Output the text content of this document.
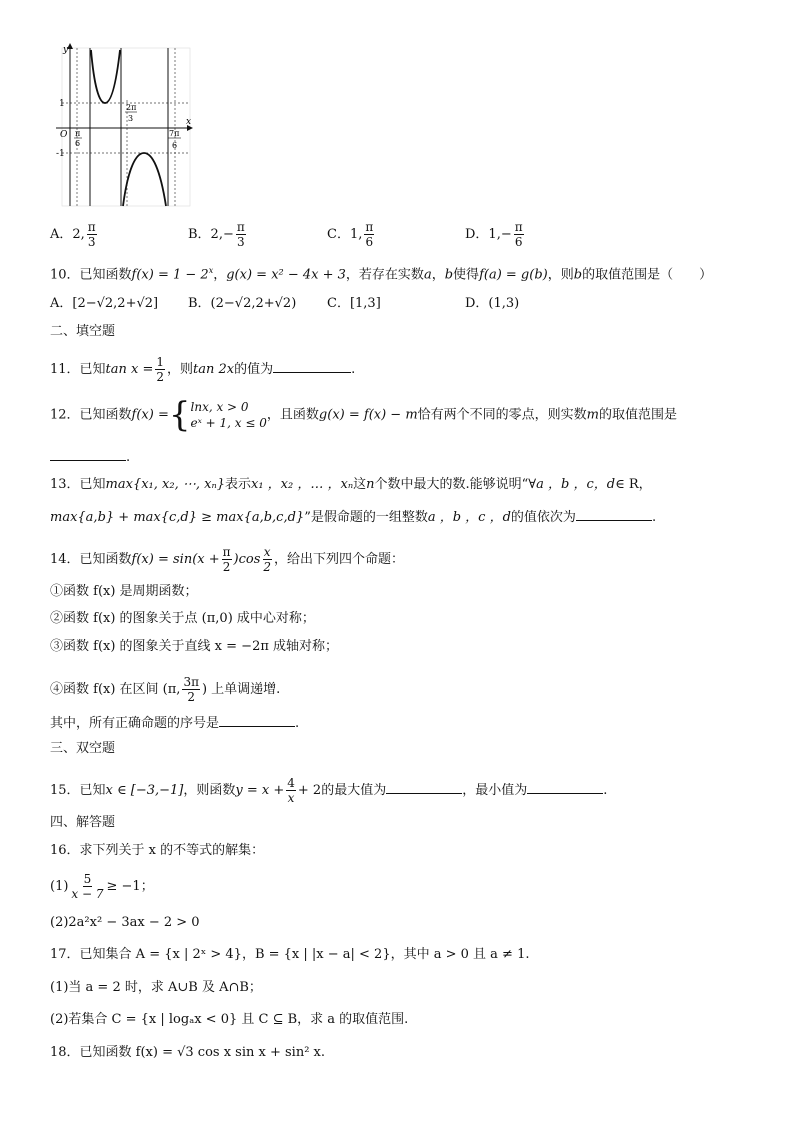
y
x
O
1
-1
π
6
2π
3
7π
6
A．2, $\frac{\pi}{3}$	B．$2,- \frac{\pi}{3}$	C．1, $\frac{\pi}{6}$	D．$1,- \frac{\pi}{6}$
10．已知函数$f(x) = 1 - 2^x$，g(x) = x² − 4x + 3，若存在实数a，b使得f(a) = g(b)，则b的取值范围是（　　）
A．[2−√2,2+√2] B．(2−√2,2+√2) C．[1,3]	D．(1,3)
二、填空题
11．已知$\tan x = \frac{1}{2}$ ，则tan 2x的值为	.
12．已知函数f(x) = { lnx, x > 0
eˣ + 1, x ≤ 0
，且函数g(x) = f(x) − m恰有两个不同的零点，则实数m的取值范围是
.
13．已知max{x₁, x₂, ⋯, xₙ}表示x₁ ，x₂ ，… ，xₙ这n个数中最大的数.能够说明“∀a ，b ，c，d∈ R，
max{a,b} + max{c,d} ≥ max{a,b,c,d}”是假命题的一组整数a ，b ，c ，d的值依次为	.
14．已知函数$f(x) = \sin(x + \frac{\pi}{2} )\cos \frac{x}{2}$ ，给出下列四个命题：
①函数 f(x) 是周期函数；
②函数 f(x) 的图象关于点 (π,0) 成中心对称；
③函数 f(x) 的图象关于直线 x = −2π 成轴对称；
④函数 f(x) 在区间 (π, $\frac{3\pi}{2}$ ) 上单调递增.
其中，所有正确命题的序号是	.
三、双空题
15．已知x ∈ [−3,−1]，则函数$y = x + \frac{4}{x} + 2$的最大值为	，最小值为	.
四、解答题
16．求下列关于 x 的不等式的解集：
$(1) \frac{5}{x - 7} \ge -1$；
(2)2a²x² − 3ax − 2 > 0
17．已知集合 A = {x | 2ˣ > 4}，B = {x | |x − a| < 2}，其中 a > 0 且 a ≠ 1.
(1)当 a = 2 时，求 A∪B 及 A∩B；
(2)若集合 C = {x | logₐx < 0} 且 C ⊆ B，求 a 的取值范围.
18．已知函数 f(x) = √3 cos x sin x + sin² x.
